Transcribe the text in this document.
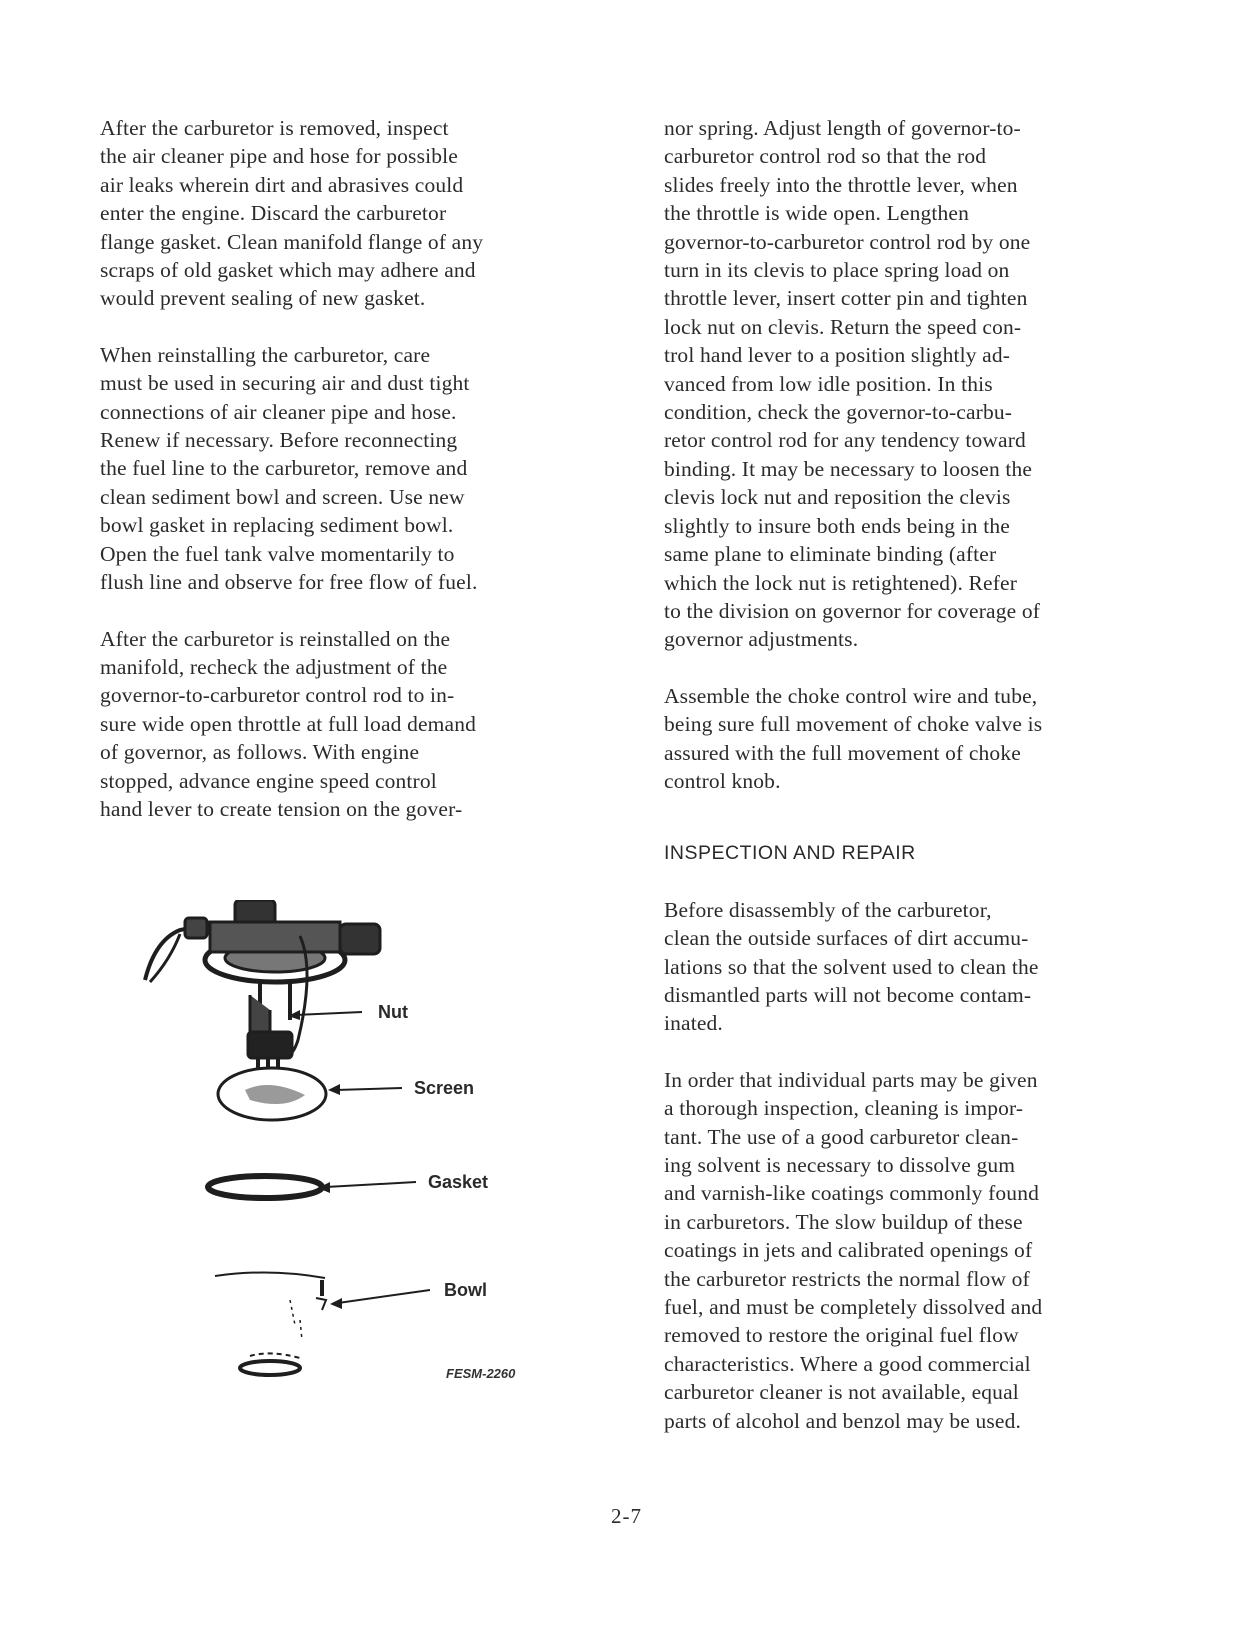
After the carburetor is removed, inspect
the air cleaner pipe and hose for possible
air leaks wherein dirt and abrasives could
enter the engine. Discard the carburetor
flange gasket. Clean manifold flange of any
scraps of old gasket which may adhere and
would prevent sealing of new gasket.

When reinstalling the carburetor, care
must be used in securing air and dust tight
connections of air cleaner pipe and hose.
Renew if necessary. Before reconnecting
the fuel line to the carburetor, remove and
clean sediment bowl and screen. Use new
bowl gasket in replacing sediment bowl.
Open the fuel tank valve momentarily to
flush line and observe for free flow of fuel.

After the carburetor is reinstalled on the
manifold, recheck the adjustment of the
governor-to-carburetor control rod to in-
sure wide open throttle at full load demand
of governor, as follows. With engine
stopped, advance engine speed control
hand lever to create tension on the gover-

nor spring. Adjust length of governor-to-
carburetor control rod so that the rod
slides freely into the throttle lever, when
the throttle is wide open. Lengthen
governor-to-carburetor control rod by one
turn in its clevis to place spring load on
throttle lever, insert cotter pin and tighten
lock nut on clevis. Return the speed con-
trol hand lever to a position slightly ad-
vanced from low idle position. In this
condition, check the governor-to-carbu-
retor control rod for any tendency toward
binding. It may be necessary to loosen the
clevis lock nut and reposition the clevis
slightly to insure both ends being in the
same plane to eliminate binding (after
which the lock nut is retightened). Refer
to the division on governor for coverage of
governor adjustments.

Assemble the choke control wire and tube,
being sure full movement of choke valve is
assured with the full movement of choke
control knob.

INSPECTION AND REPAIR

Before disassembly of the carburetor,
clean the outside surfaces of dirt accumu-
lations so that the solvent used to clean the
dismantled parts will not become contam-
inated.

In order that individual parts may be given
a thorough inspection, cleaning is impor-
tant. The use of a good carburetor clean-
ing solvent is necessary to dissolve gum
and varnish-like coatings commonly found
in carburetors. The slow buildup of these
coatings in jets and calibrated openings of
the carburetor restricts the normal flow of
fuel, and must be completely dissolved and
removed to restore the original fuel flow
characteristics. Where a good commercial
carburetor cleaner is not available, equal
parts of alcohol and benzol may be used.

Nut
Screen
Gasket
Bowl
FESM-2260
2-7
